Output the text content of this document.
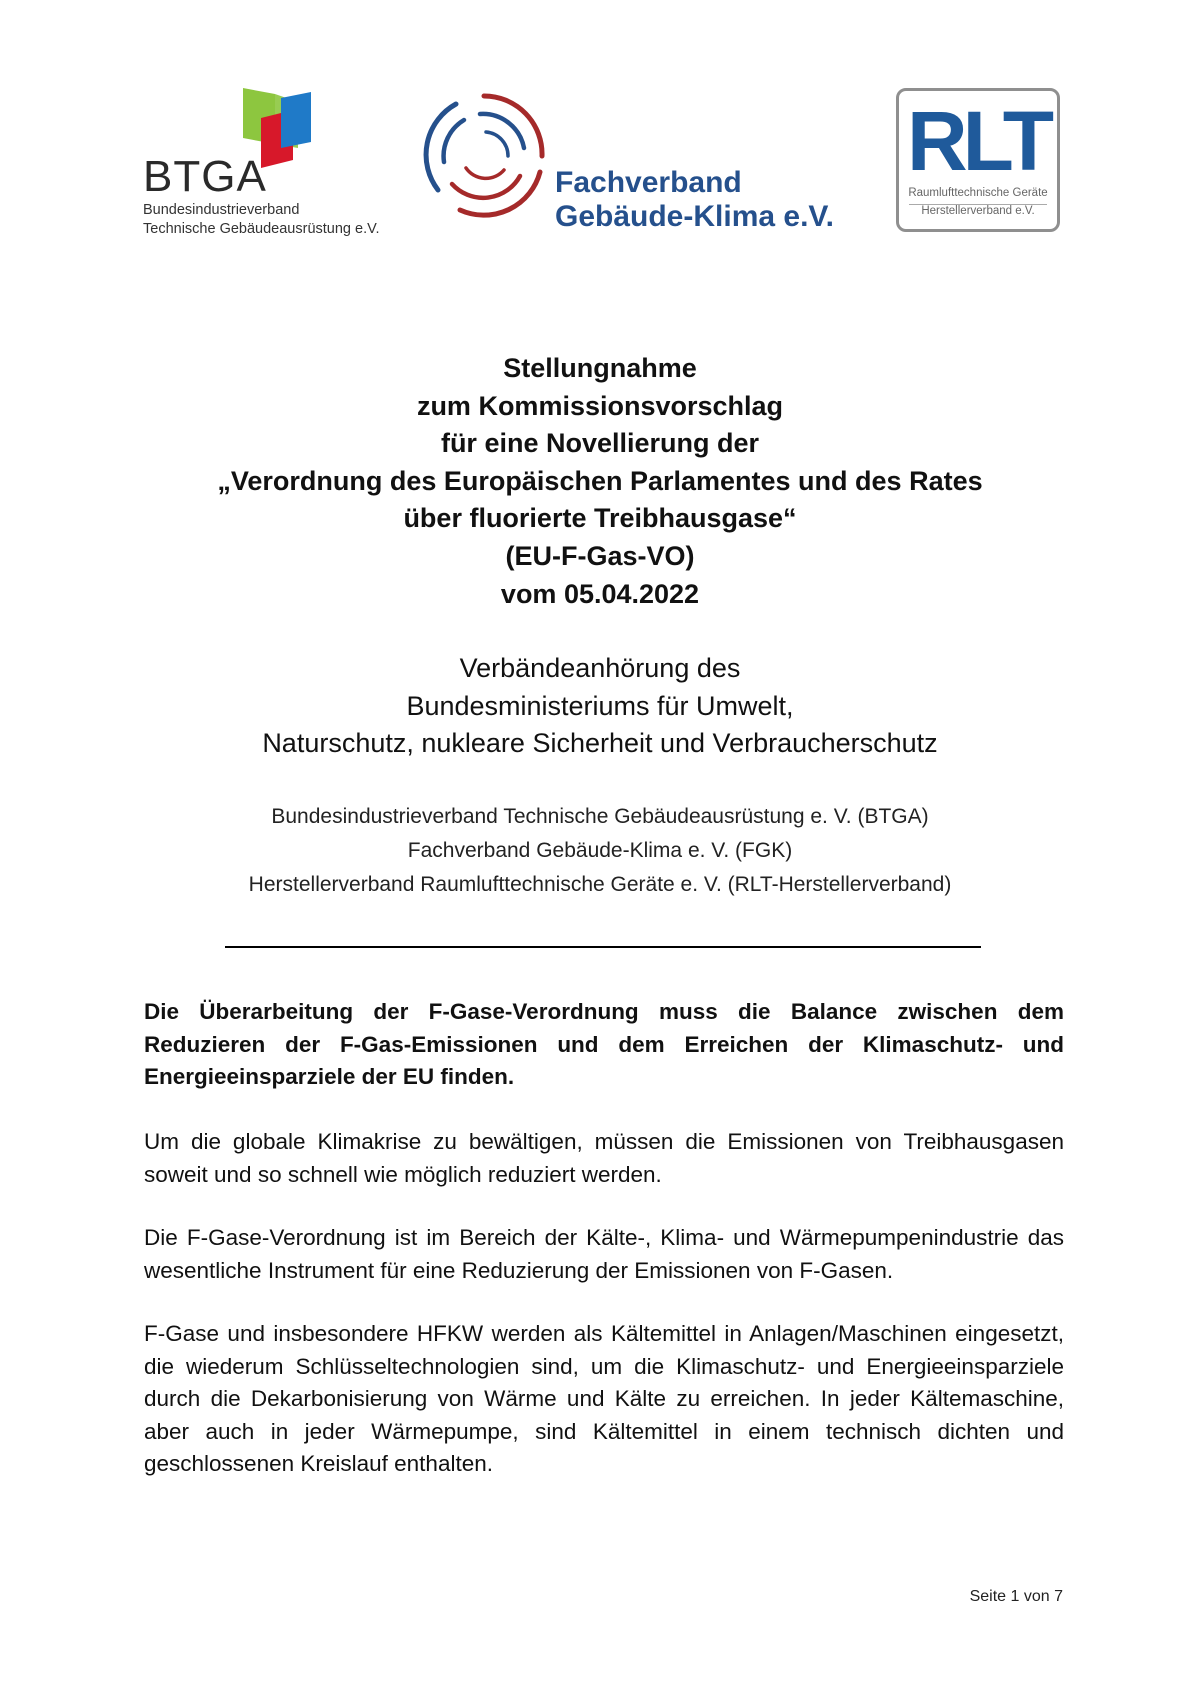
BTGA
Bundesindustrieverband
Technische Gebäudeausrüstung e.V.
Fachverband
Gebäude-Klima e.V.
RLT
Raumlufttechnische Geräte
Herstellerverband e.V.
Stellungnahme
zum Kommissionsvorschlag
für eine Novellierung der
„Verordnung des Europäischen Parlamentes und des Rates
über fluorierte Treibhausgase“
(EU-F-Gas-VO)
vom 05.04.2022
Verbändeanhörung des
Bundesministeriums für Umwelt,
Naturschutz, nukleare Sicherheit und Verbraucherschutz
Bundesindustrieverband Technische Gebäudeausrüstung e. V. (BTGA)
Fachverband Gebäude-Klima e. V. (FGK)
Herstellerverband Raumlufttechnische Geräte e. V. (RLT-Herstellerverband)

Die Überarbeitung der F-Gase-Verordnung muss die Balance zwischen dem Reduzieren der F-Gas-Emissionen und dem Erreichen der Klimaschutz- und Energieeinsparziele der EU finden.

Um die globale Klimakrise zu bewältigen, müssen die Emissionen von Treibhausgasen soweit und so schnell wie möglich reduziert werden.

Die F-Gase-Verordnung ist im Bereich der Kälte-, Klima- und Wärmepumpenindustrie das wesentliche Instrument für eine Reduzierung der Emissionen von F-Gasen.

F-Gase und insbesondere HFKW werden als Kältemittel in Anlagen/Maschinen eingesetzt, die wiederum Schlüsseltechnologien sind, um die Klimaschutz- und Energieeinsparziele durch die Dekarbonisierung von Wärme und Kälte zu erreichen. In jeder Kältemaschine, aber auch in jeder Wärmepumpe, sind Kältemittel in einem technisch dichten und geschlossenen Kreislauf enthalten.

Seite 1 von 7
